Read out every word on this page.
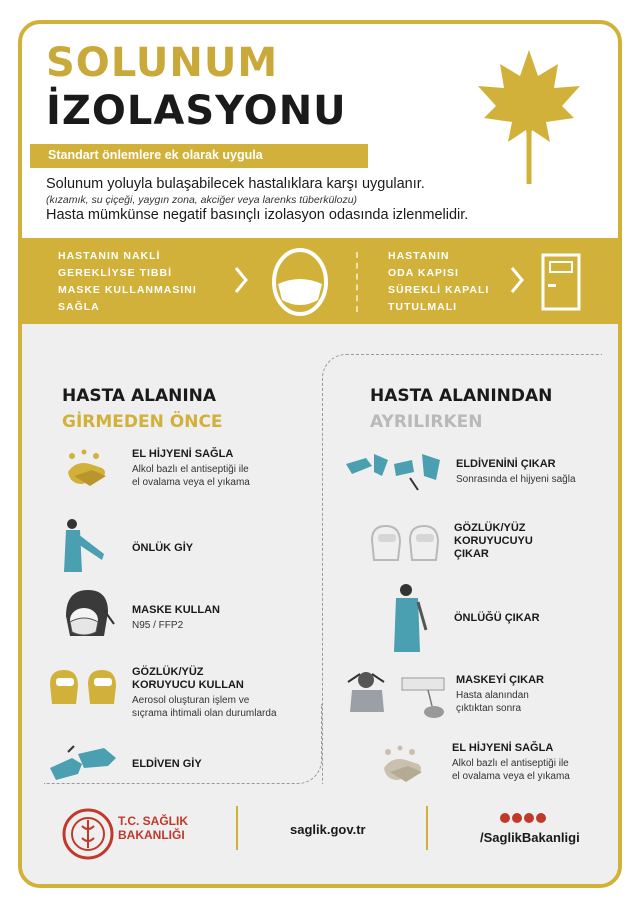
SOLUNUM
İZOLASYONU
Standart önlemlere ek olarak uygula
Solunum yoluyla bulaşabilecek hastalıklara karşı uygulanır.
(kızamık, su çiçeği, yaygın zona, akciğer veya larenks tüberkülozu)
Hasta mümkünse negatif basınçlı izolasyon odasında izlenmelidir.
HASTANIN NAKLİ
GEREKLİYSE TIBBİ
MASKE KULLANMASINI
SAĞLA
HASTANIN
ODA KAPISI
SÜREKLİ KAPALI
TUTULMALI
HASTA ALANINA
GİRMEDEN ÖNCE
HASTA ALANINDAN
AYRILIRKEN
EL HİJYENİ SAĞLA
Alkol bazlı el antiseptiği ile
el ovalama veya el yıkama
ÖNLÜK GİY
MASKE KULLAN
N95 / FFP2
GÖZLÜK/YÜZ
KORUYUCU KULLAN
Aerosol oluşturan işlem ve
sıçrama ihtimali olan durumlarda
ELDİVEN GİY
ELDİVENİNİ ÇIKAR
Sonrasında el hijyeni sağla
GÖZLÜK/YÜZ
KORUYUCUYU
ÇIKAR
ÖNLÜĞÜ ÇIKAR
MASKEYİ ÇIKAR
Hasta alanından
çıktıktan sonra
EL HİJYENİ SAĞLA
Alkol bazlı el antiseptiği ile
el ovalama veya el yıkama
T.C. SAĞLIK
BAKANLIĞI	saglik.gov.tr
/SaglikBakanligi
